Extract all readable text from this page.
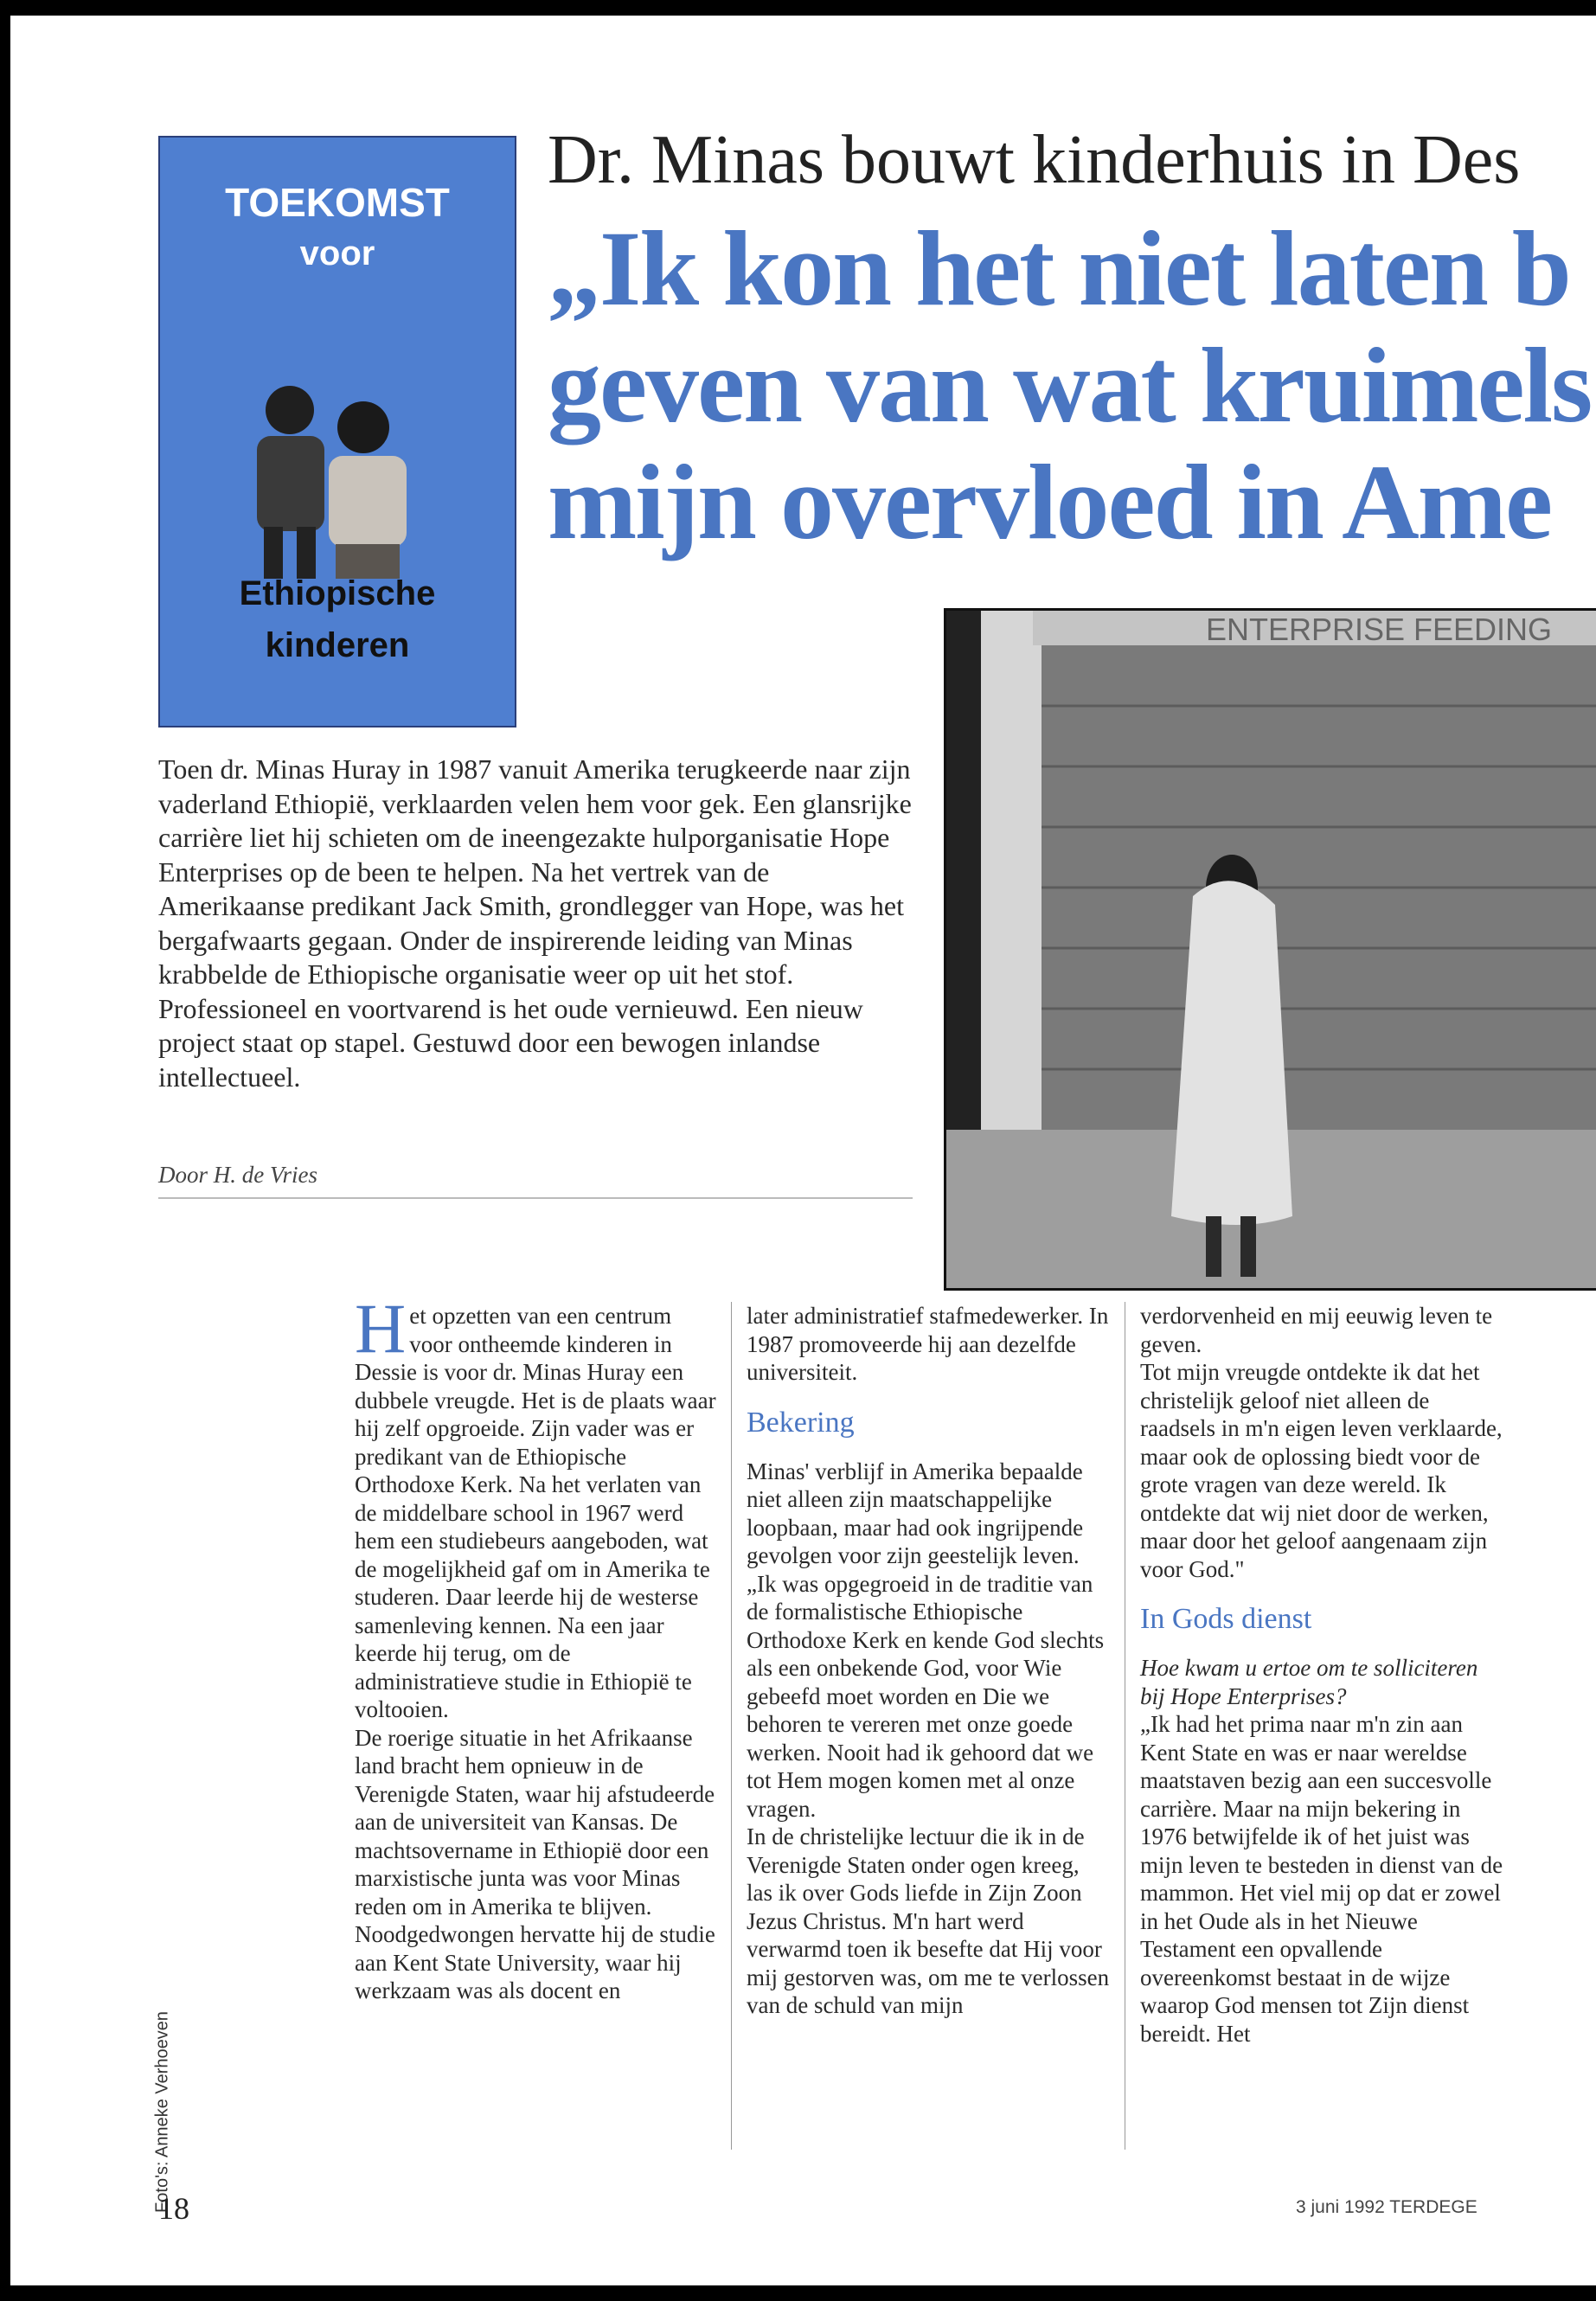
TOEKOMST
voor
Ethiopische
kinderen
Dr. Minas bouwt kinderhuis in Des
„Ik kon het niet laten b
geven van wat kruimels
mijn overvloed in Ame
ENTERPRISE FEEDING

Toen dr. Minas Huray in 1987 vanuit Amerika terugkeerde naar zijn vaderland Ethiopië, verklaarden velen hem voor gek. Een glansrijke carrière liet hij schieten om de ineengezakte hulporganisatie Hope Enterprises op de been te helpen. Na het vertrek van de Amerikaanse predikant Jack Smith, grondlegger van Hope, was het bergafwaarts gegaan. Onder de inspirerende leiding van Minas krabbelde de Ethiopische organisatie weer op uit het stof. Professioneel en voortvarend is het oude vernieuwd. Een nieuw project staat op stapel. Gestuwd door een bewogen inlandse intellectueel.

Door H. de Vries

Het opzetten van een centrum voor ontheemde kinderen in Dessie is voor dr. Minas Huray een dubbele vreugde. Het is de plaats waar hij zelf opgroeide. Zijn vader was er predikant van de Ethiopische Orthodoxe Kerk. Na het verlaten van de middelbare school in 1967 werd hem een studiebeurs aangeboden, wat de mogelijkheid gaf om in Amerika te studeren. Daar leerde hij de westerse samenleving kennen. Na een jaar keerde hij terug, om de administratieve studie in Ethiopië te voltooien.

De roerige situatie in het Afrikaanse land bracht hem opnieuw in de Verenigde Staten, waar hij afstudeerde aan de universiteit van Kansas. De machtsovername in Ethiopië door een marxistische junta was voor Minas reden om in Amerika te blijven. Noodgedwongen hervatte hij de studie aan Kent State University, waar hij werkzaam was als docent en

later administratief stafmedewerker. In 1987 promoveerde hij aan dezelfde universiteit.

Bekering

Minas' verblijf in Amerika bepaalde niet alleen zijn maatschappelijke loopbaan, maar had ook ingrijpende gevolgen voor zijn geestelijk leven. „Ik was opgegroeid in de traditie van de formalistische Ethiopische Orthodoxe Kerk en kende God slechts als een onbekende God, voor Wie gebeefd moet worden en Die we behoren te vereren met onze goede werken. Nooit had ik gehoord dat we tot Hem mogen komen met al onze vragen.

In de christelijke lectuur die ik in de Verenigde Staten onder ogen kreeg, las ik over Gods liefde in Zijn Zoon Jezus Christus. M'n hart werd verwarmd toen ik besefte dat Hij voor mij gestorven was, om me te verlossen van de schuld van mijn

verdorvenheid en mij eeuwig leven te geven.

Tot mijn vreugde ontdekte ik dat het christelijk geloof niet alleen de raadsels in m'n eigen leven verklaarde, maar ook de oplossing biedt voor de grote vragen van deze wereld. Ik ontdekte dat wij niet door de werken, maar door het geloof aangenaam zijn voor God."

In Gods dienst

Hoe kwam u ertoe om te solliciteren bij Hope Enterprises?

„Ik had het prima naar m'n zin aan Kent State en was er naar wereldse maatstaven bezig aan een succesvolle carrière. Maar na mijn bekering in 1976 betwijfelde ik of het juist was mijn leven te besteden in dienst van de mammon. Het viel mij op dat er zowel in het Oude als in het Nieuwe Testament een opvallende overeenkomst bestaat in de wijze waarop God mensen tot Zijn dienst bereidt. Het

Foto's: Anneke Verhoeven
18	3 juni 1992 TERDEGE
